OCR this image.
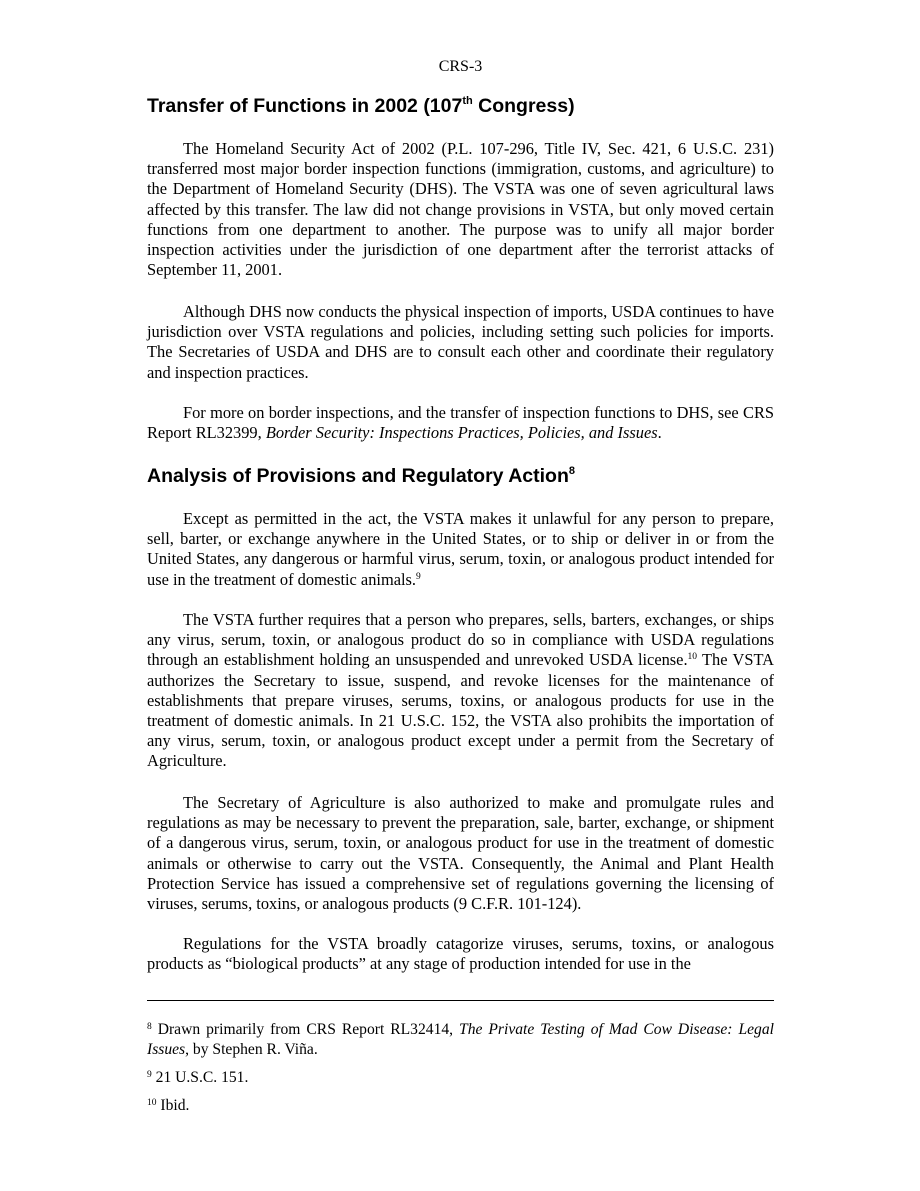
CRS-3
Transfer of Functions in 2002 (107th Congress)

The Homeland Security Act of 2002 (P.L. 107-296, Title IV, Sec. 421, 6 U.S.C. 231) transferred most major border inspection functions (immigration, customs, and agriculture) to the Department of Homeland Security (DHS). The VSTA was one of seven agricultural laws affected by this transfer. The law did not change provisions in VSTA, but only moved certain functions from one department to another. The purpose was to unify all major border inspection activities under the jurisdiction of one department after the terrorist attacks of September 11, 2001.

Although DHS now conducts the physical inspection of imports, USDA continues to have jurisdiction over VSTA regulations and policies, including setting such policies for imports. The Secretaries of USDA and DHS are to consult each other and coordinate their regulatory and inspection practices.

For more on border inspections, and the transfer of inspection functions to DHS, see CRS Report RL32399, Border Security: Inspections Practices, Policies, and Issues.

Analysis of Provisions and Regulatory Action$^8$

Except as permitted in the act, the VSTA makes it unlawful for any person to prepare, sell, barter, or exchange anywhere in the United States, or to ship or deliver in or from the United States, any dangerous or harmful virus, serum, toxin, or analogous product intended for use in the treatment of domestic animals.$^9$

The VSTA further requires that a person who prepares, sells, barters, exchanges, or ships any virus, serum, toxin, or analogous product do so in compliance with USDA regulations through an establishment holding an unsuspended and unrevoked USDA license.$^{10}$ The VSTA authorizes the Secretary to issue, suspend, and revoke licenses for the maintenance of establishments that prepare viruses, serums, toxins, or analogous products for use in the treatment of domestic animals. In 21 U.S.C. 152, the VSTA also prohibits the importation of any virus, serum, toxin, or analogous product except under a permit from the Secretary of Agriculture.

The Secretary of Agriculture is also authorized to make and promulgate rules and regulations as may be necessary to prevent the preparation, sale, barter, exchange, or shipment of a dangerous virus, serum, toxin, or analogous product for use in the treatment of domestic animals or otherwise to carry out the VSTA. Consequently, the Animal and Plant Health Protection Service has issued a comprehensive set of regulations governing the licensing of viruses, serums, toxins, or analogous products (9 C.F.R. 101-124).

Regulations for the VSTA broadly catagorize viruses, serums, toxins, or analogous products as “biological products” at any stage of production intended for use in the

$^8$ Drawn primarily from CRS Report RL32414, The Private Testing of Mad Cow Disease: Legal Issues, by Stephen R. Viña.

$^9$ 21 U.S.C. 151.

$^{10}$ Ibid.
